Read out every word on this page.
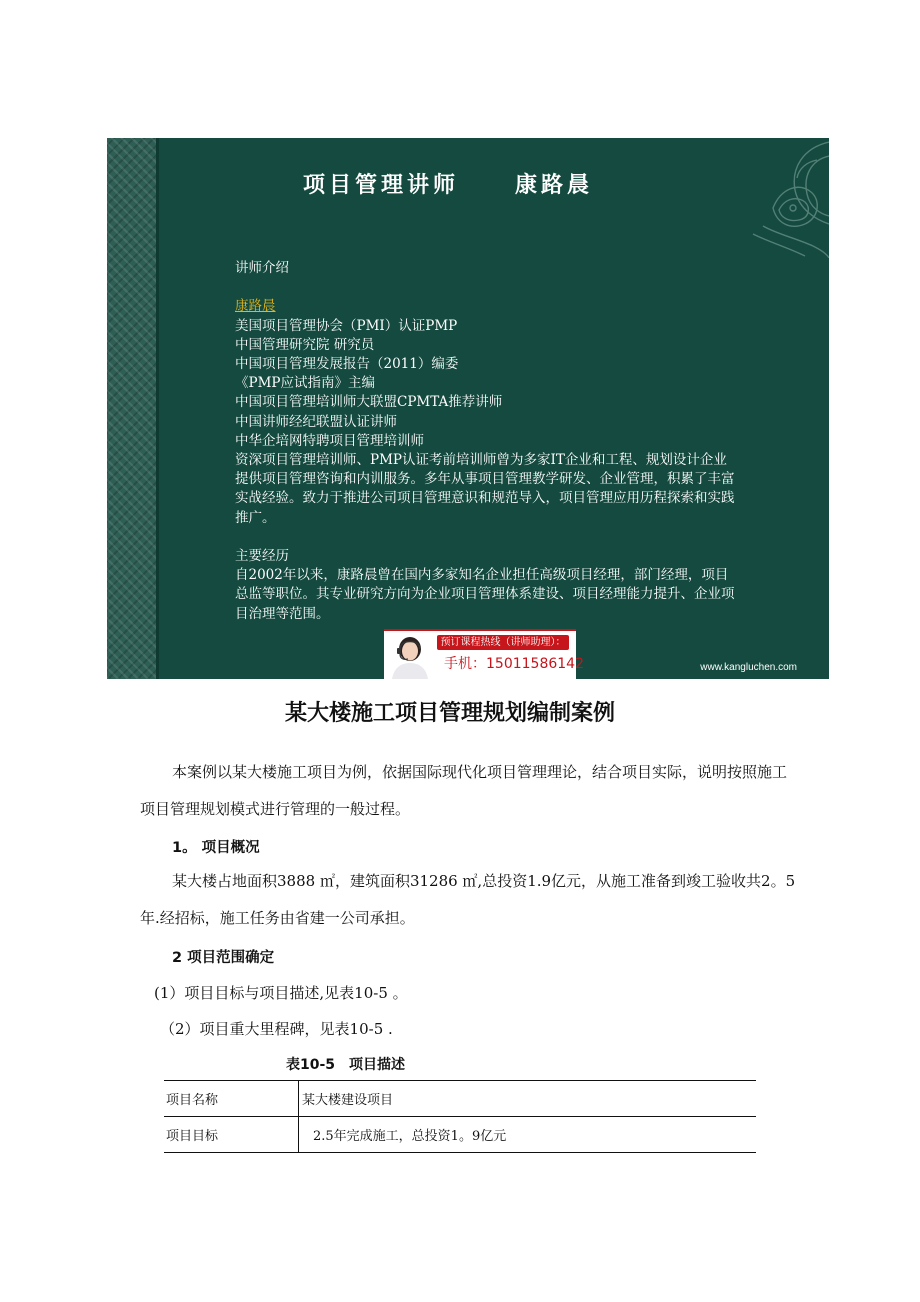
项目管理讲师	康路晨
讲师介绍
康路晨
美国项目管理协会（PMI）认证PMP
中国管理研究院 研究员
中国项目管理发展报告（2011）编委
《PMP应试指南》主编
中国项目管理培训师大联盟CPMTA推荐讲师
中国讲师经纪联盟认证讲师
中华企培网特聘项目管理培训师
资深项目管理培训师、PMP认证考前培训师曾为多家IT企业和工程、规划设计企业提供项目管理咨询和内训服务。多年从事项目管理教学研发、企业管理，积累了丰富实战经验。致力于推进公司项目管理意识和规范导入，项目管理应用历程探索和实践推广。
主要经历
自2002年以来，康路晨曾在国内多家知名企业担任高级项目经理，部门经理，项目总监等职位。其专业研究方向为企业项目管理体系建设、项目经理能力提升、企业项目治理等范围。
预订课程热线（讲师助理）：
手机：15011586142	www.kangluchen.com
某大楼施工项目管理规划编制案例
本案例以某大楼施工项目为例，依据国际现代化项目管理理论，结合项目实际，说明按照施工项目管理规划模式进行管理的一般过程。
1。 项目概况
某大楼占地面积3888 ㎡，建筑面积31286 ㎡,总投资1.9亿元，从施工准备到竣工验收共2。5年.经招标，施工任务由省建一公司承担。
2 项目范围确定
(1）项目目标与项目描述,见表10-5 。
（2）项目重大里程碑，见表10-5 .
表10-5　项目描述
项目名称	某大楼建设项目
项目目标	2.5年完成施工，总投资1。9亿元
